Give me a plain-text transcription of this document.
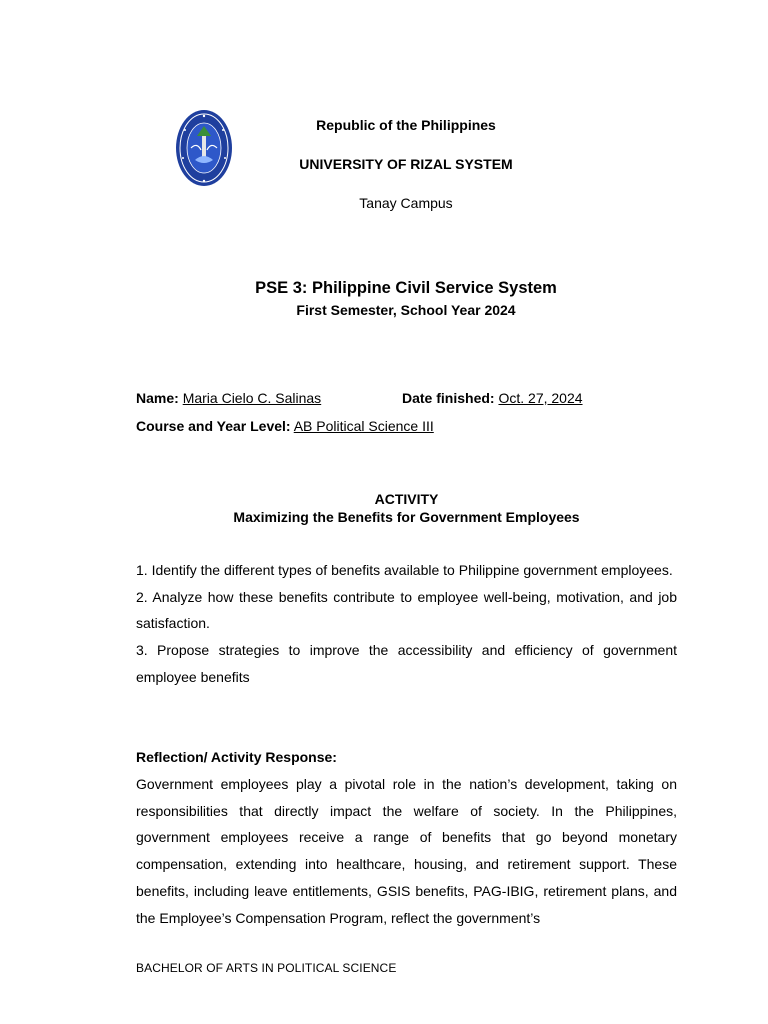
Republic of the Philippines
UNIVERSITY OF RIZAL SYSTEM
Tanay Campus
PSE 3: Philippine Civil Service System
First Semester, School Year 2024
Name: Maria Cielo C. Salinas	Date finished: Oct. 27, 2024
Course and Year Level: AB Political Science III
ACTIVITY
Maximizing the Benefits for Government Employees

1. Identify the different types of benefits available to Philippine government employees.

2. Analyze how these benefits contribute to employee well-being, motivation, and job satisfaction.

3. Propose strategies to improve the accessibility and efficiency of government employee benefits

Reflection/ Activity Response:

Government employees play a pivotal role in the nation’s development, taking on responsibilities that directly impact the welfare of society. In the Philippines, government employees receive a range of benefits that go beyond monetary compensation, extending into healthcare, housing, and retirement support. These benefits, including leave entitlements, GSIS benefits, PAG-IBIG, retirement plans, and the Employee’s Compensation Program, reflect the government’s

BACHELOR OF ARTS IN POLITICAL SCIENCE
